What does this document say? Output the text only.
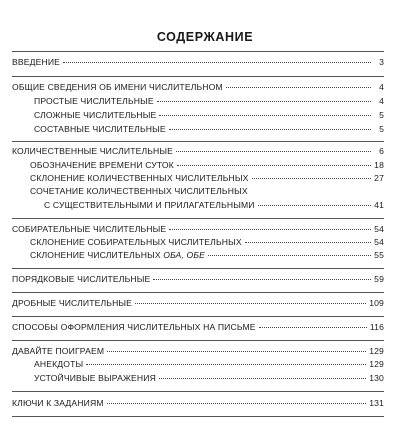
СОДЕРЖАНИЕ
ВВЕДЕНИЕ	3
ОБЩИЕ СВЕДЕНИЯ ОБ ИМЕНИ ЧИСЛИТЕЛЬНОМ	4
ПРОСТЫЕ ЧИСЛИТЕЛЬНЫЕ	4
СЛОЖНЫЕ ЧИСЛИТЕЛЬНЫЕ	5
СОСТАВНЫЕ ЧИСЛИТЕЛЬНЫЕ	5
КОЛИЧЕСТВЕННЫЕ ЧИСЛИТЕЛЬНЫЕ	6
ОБОЗНАЧЕНИЕ ВРЕМЕНИ СУТОК	18
СКЛОНЕНИЕ КОЛИЧЕСТВЕННЫХ ЧИСЛИТЕЛЬНЫХ	27
СОЧЕТАНИЕ КОЛИЧЕСТВЕННЫХ ЧИСЛИТЕЛЬНЫХ
С СУЩЕСТВИТЕЛЬНЫМИ И ПРИЛАГАТЕЛЬНЫМИ	41
СОБИРАТЕЛЬНЫЕ ЧИСЛИТЕЛЬНЫЕ	54
СКЛОНЕНИЕ СОБИРАТЕЛЬНЫХ ЧИСЛИТЕЛЬНЫХ	54
СКЛОНЕНИЕ ЧИСЛИТЕЛЬНЫХ ОБА, ОБЕ	55
ПОРЯДКОВЫЕ ЧИСЛИТЕЛЬНЫЕ	59
ДРОБНЫЕ ЧИСЛИТЕЛЬНЫЕ	109
СПОСОБЫ ОФОРМЛЕНИЯ ЧИСЛИТЕЛЬНЫХ НА ПИСЬМЕ	116
ДАВАЙТЕ ПОИГРАЕМ	129
АНЕКДОТЫ	129
УСТОЙЧИВЫЕ ВЫРАЖЕНИЯ	130
КЛЮЧИ К ЗАДАНИЯМ	131
